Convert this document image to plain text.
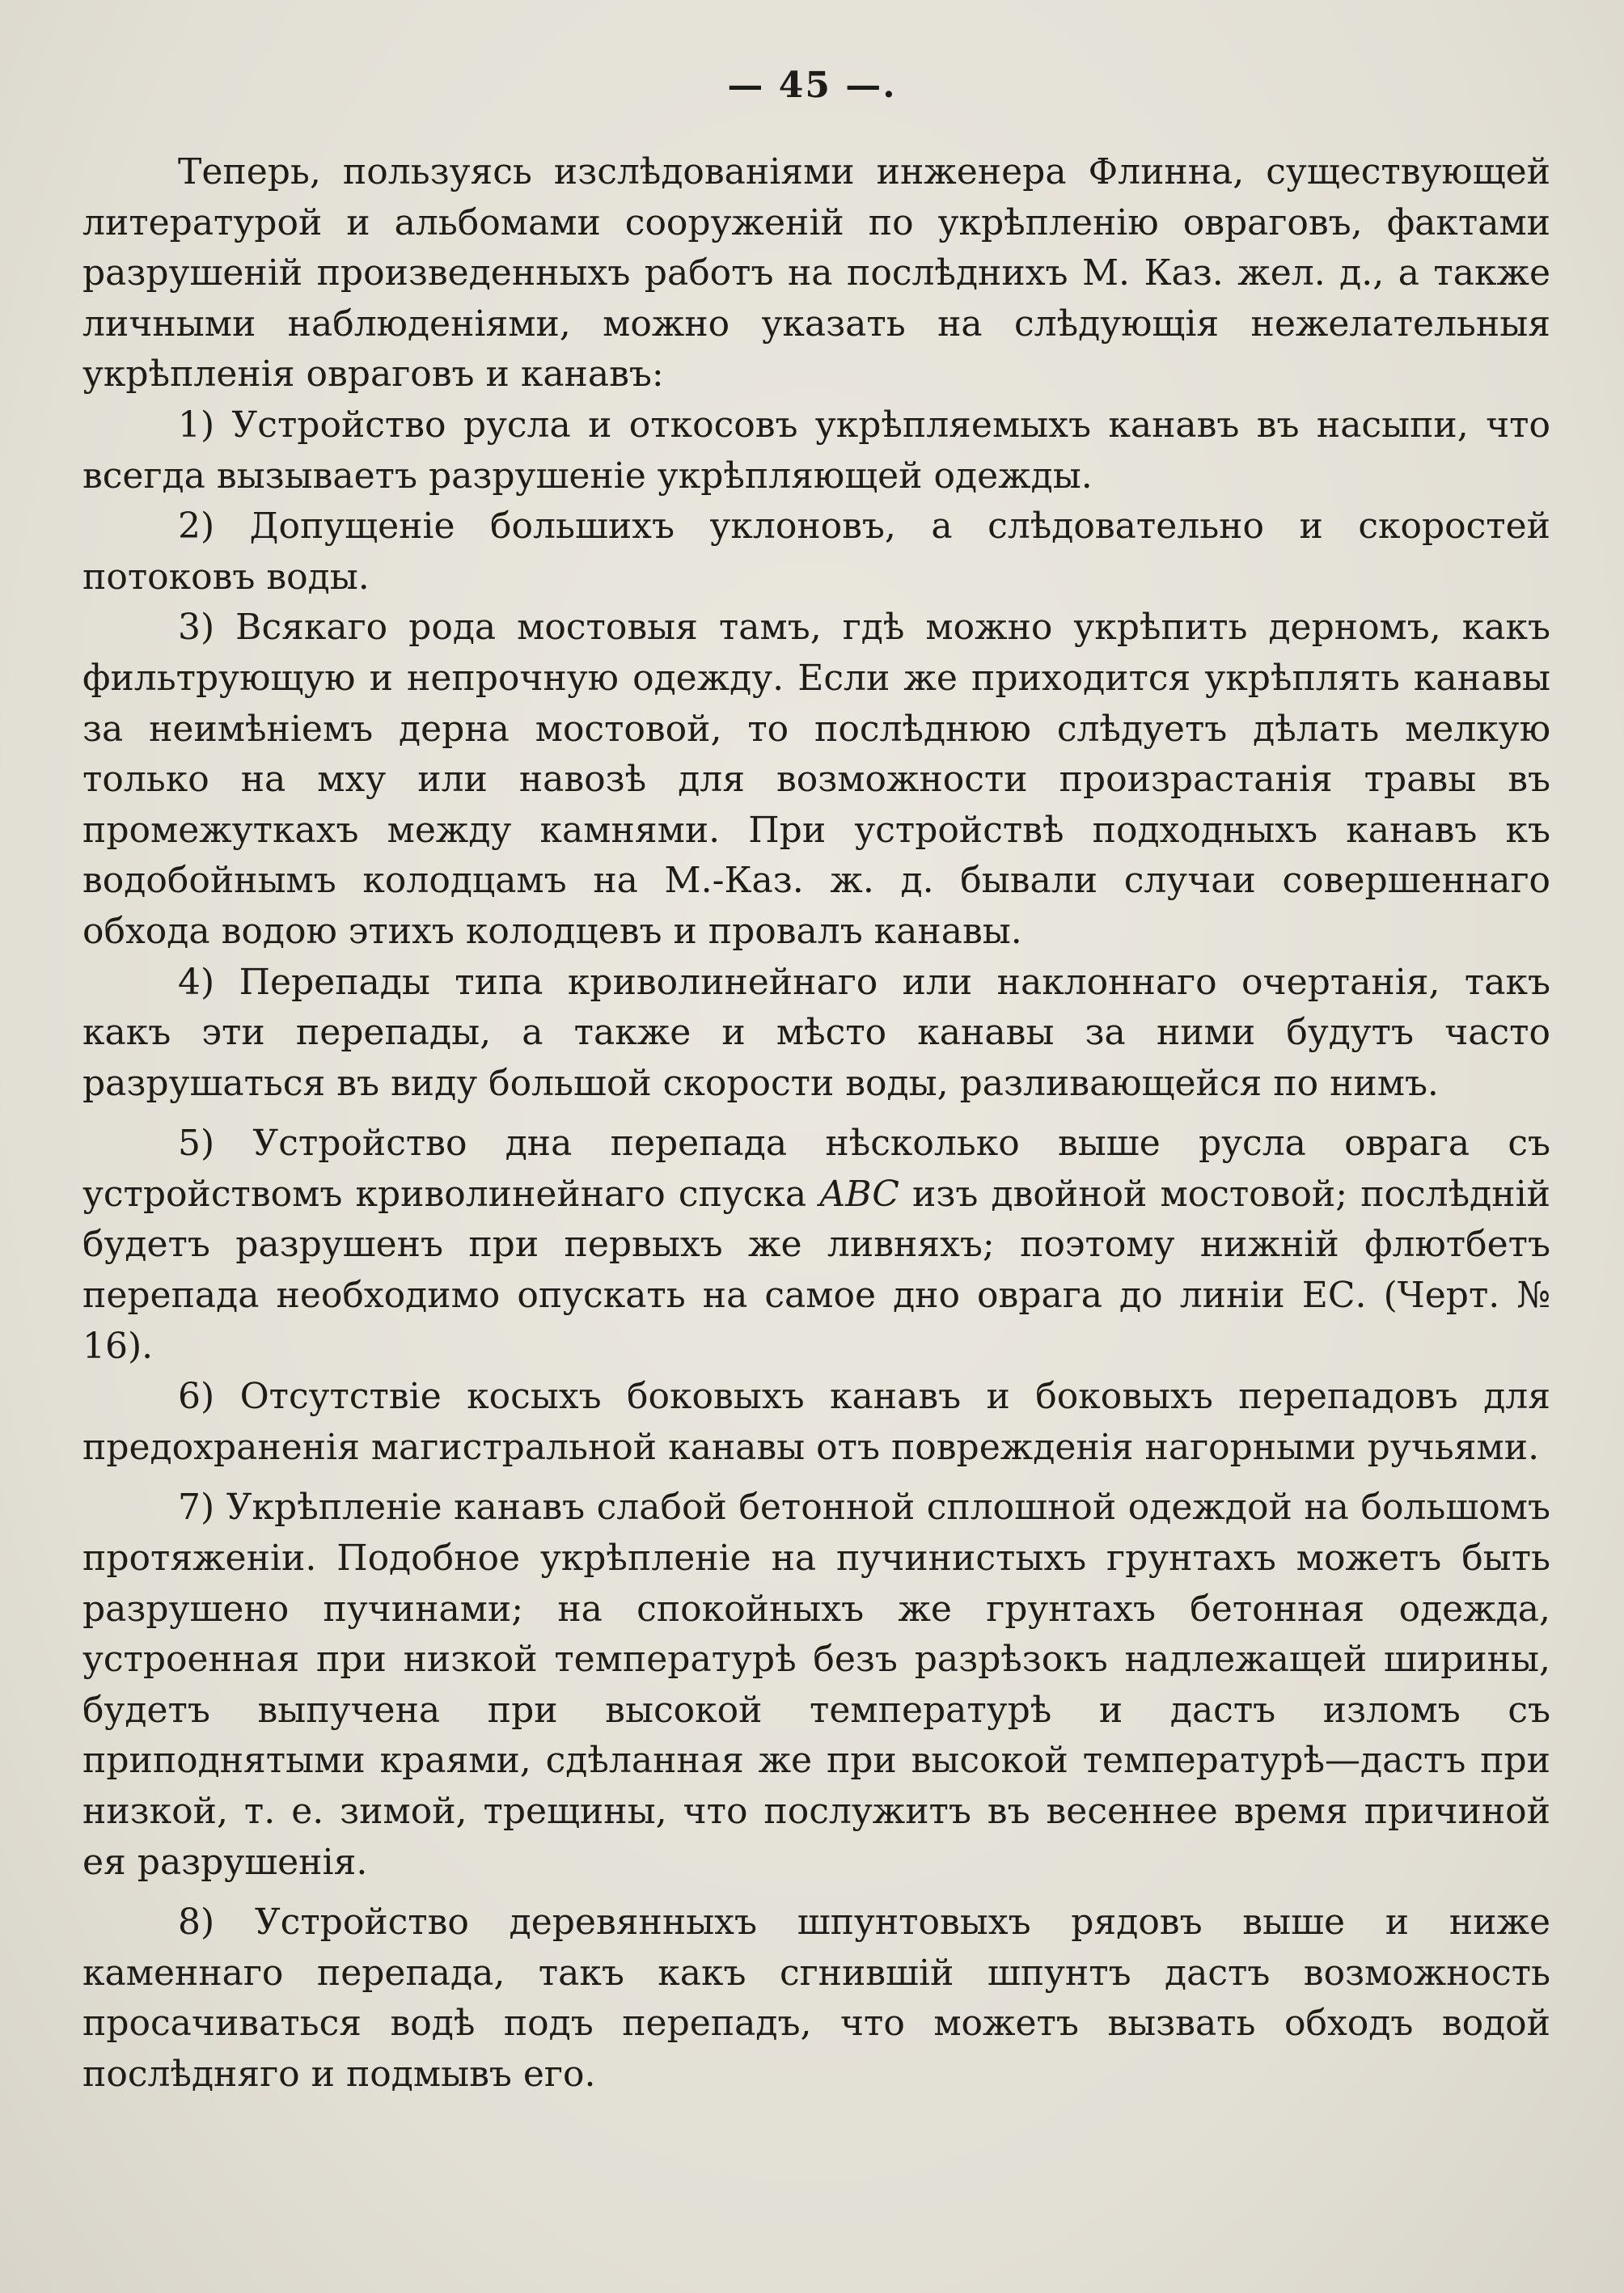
— 45 —.

Теперь, пользуясь изслѣдованіями инженера Флинна, существующей литературой и альбомами сооруженій по укрѣпленію овраговъ, фактами разрушеній произведенныхъ работъ на послѣднихъ М. Каз. жел. д., а также личными наблюденіями, можно указать на слѣдующія нежелательныя укрѣпленія овраговъ и канавъ:

1) Устройство русла и откосовъ укрѣпляемыхъ канавъ въ насыпи, что всегда вызываетъ разрушеніе укрѣпляющей одежды.

2) Допущеніе большихъ уклоновъ, а слѣдовательно и скоростей потоковъ воды.

3) Всякаго рода мостовыя тамъ, гдѣ можно укрѣпить дерномъ, какъ фильтрующую и непрочную одежду. Если же приходится укрѣплять канавы за неимѣніемъ дерна мостовой, то послѣднюю слѣдуетъ дѣлать мелкую только на мху или навозѣ для возможности произрастанія травы въ промежуткахъ между камнями. При устройствѣ подходныхъ канавъ къ водобойнымъ колодцамъ на М.-Каз. ж. д. бывали случаи совершеннаго обхода водою этихъ колодцевъ и провалъ канавы.

4) Перепады типа криволинейнаго или наклоннаго очертанія, такъ какъ эти перепады, а также и мѣсто канавы за ними будутъ часто разрушаться въ виду большой скорости воды, разливающейся по нимъ.

5) Устройство дна перепада нѣсколько выше русла оврага съ устройствомъ криволинейнаго спуска ABC изъ двойной мостовой; послѣдній будетъ разрушенъ при первыхъ же ливняхъ; поэтому нижній флютбетъ перепада необходимо опускать на самое дно оврага до линіи ЕС. (Черт. № 16).

6) Отсутствіе косыхъ боковыхъ канавъ и боковыхъ перепадовъ для предохраненія магистральной канавы отъ поврежденія нагорными ручьями.

7) Укрѣпленіе канавъ слабой бетонной сплошной одеждой на большомъ протяженіи. Подобное укрѣпленіе на пучинистыхъ грунтахъ можетъ быть разрушено пучинами; на спокойныхъ же грунтахъ бетонная одежда, устроенная при низкой температурѣ безъ разрѣзокъ надлежащей ширины, будетъ выпучена при высокой температурѣ и дастъ изломъ съ приподнятыми краями, сдѣланная же при высокой температурѣ—дастъ при низкой, т. е. зимой, трещины, что послужитъ въ весеннее время причиной ея разрушенія.

8) Устройство деревянныхъ шпунтовыхъ рядовъ выше и ниже каменнаго перепада, такъ какъ сгнившій шпунтъ дастъ возможность просачиваться водѣ подъ перепадъ, что можетъ вызвать обходъ водой послѣдняго и подмывъ его.
